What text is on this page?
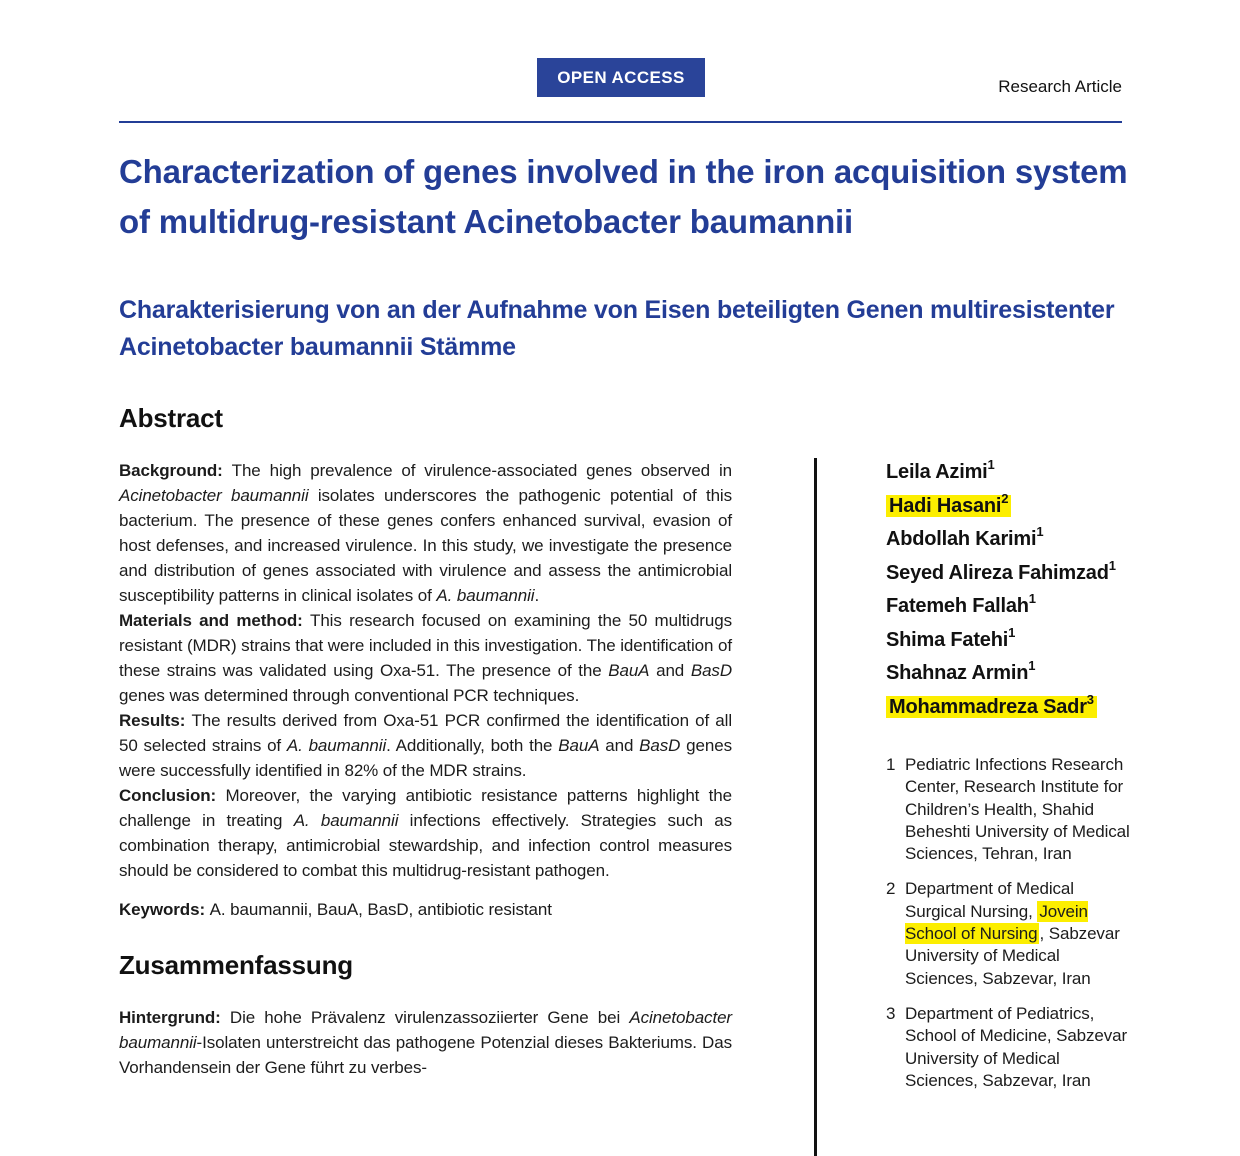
OPEN ACCESS	Research Article
Characterization of genes involved in the iron acquisition system of multidrug-resistant Acinetobacter baumannii
Charakterisierung von an der Aufnahme von Eisen beteiligten Genen multiresistenter Acinetobacter baumannii Stämme
Abstract

Background: The high prevalence of virulence-associated genes observed in Acinetobacter baumannii isolates underscores the pathogenic potential of this bacterium. The presence of these genes confers enhanced survival, evasion of host defenses, and increased virulence. In this study, we investigate the presence and distribution of genes associated with virulence and assess the antimicrobial susceptibility patterns in clinical isolates of A. baumannii.

Materials and method: This research focused on examining the 50 multidrugs resistant (MDR) strains that were included in this investigation. The identification of these strains was validated using Oxa-51. The presence of the BauA and BasD genes was determined through conventional PCR techniques.

Results: The results derived from Oxa-51 PCR confirmed the identification of all 50 selected strains of A. baumannii. Additionally, both the BauA and BasD genes were successfully identified in 82% of the MDR strains.

Conclusion: Moreover, the varying antibiotic resistance patterns highlight the challenge in treating A. baumannii infections effectively. Strategies such as combination therapy, antimicrobial stewardship, and infection control measures should be considered to combat this multidrug-resistant pathogen.

Keywords: A. baumannii, BauA, BasD, antibiotic resistant

Zusammenfassung

Hintergrund: Die hohe Prävalenz virulenzassoziierter Gene bei Acinetobacter baumannii-Isolaten unterstreicht das pathogene Potenzial dieses Bakteriums. Das Vorhandensein der Gene führt zu verbes-

Leila Azimi$^1$
Hadi Hasani$^2$
Abdollah Karimi$^1$
Seyed Alireza Fahimzad$^1$
Fatemeh Fallah$^1$
Shima Fatehi$^1$
Shahnaz Armin$^1$
Mohammadreza Sadr$^3$
1 Pediatric Infections Research Center, Research Institute for Children’s Health, Shahid Beheshti University of Medical Sciences, Tehran, Iran
2 Department of Medical Surgical Nursing, Jovein School of Nursing , Sabzevar University of Medical Sciences, Sabzevar, Iran
3 Department of Pediatrics, School of Medicine, Sabzevar University of Medical Sciences, Sabzevar, Iran
